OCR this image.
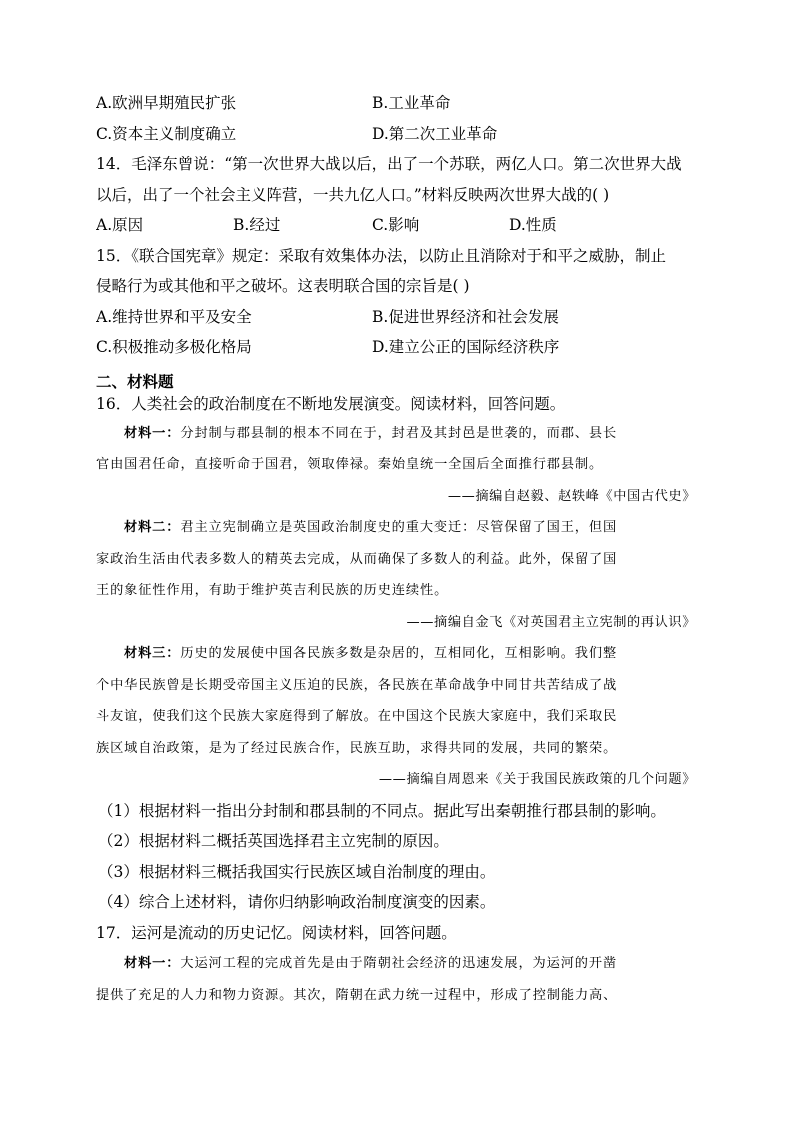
A.欧洲早期殖民扩张	B.工业革命
C.资本主义制度确立	D.第二次工业革命
14．毛泽东曾说：“第一次世界大战以后，出了一个苏联，两亿人口。第二次世界大战
以后，出了一个社会主义阵营，一共九亿人口。”材料反映两次世界大战的( )
A.原因	B.经过	C.影响	D.性质
15．《联合国宪章》规定：采取有效集体办法，以防止且消除对于和平之威胁，制止
侵略行为或其他和平之破坏。这表明联合国的宗旨是( )
A.维持世界和平及安全	B.促进世界经济和社会发展
C.积极推动多极化格局	D.建立公正的国际经济秩序
二、材料题
16．人类社会的政治制度在不断地发展演变。阅读材料，回答问题。
材料一：分封制与郡县制的根本不同在于，封君及其封邑是世袭的，而郡、县长
官由国君任命，直接听命于国君，领取俸禄。秦始皇统一全国后全面推行郡县制。
——摘编自赵毅、赵轶峰《中国古代史》
材料二：君主立宪制确立是英国政治制度史的重大变迁：尽管保留了国王，但国
家政治生活由代表多数人的精英去完成，从而确保了多数人的利益。此外，保留了国
王的象征性作用，有助于维护英吉利民族的历史连续性。
——摘编自金飞《对英国君主立宪制的再认识》
材料三：历史的发展使中国各民族多数是杂居的，互相同化，互相影响。我们整
个中华民族曾是长期受帝国主义压迫的民族，各民族在革命战争中同甘共苦结成了战
斗友谊，使我们这个民族大家庭得到了解放。在中国这个民族大家庭中，我们采取民
族区域自治政策，是为了经过民族合作，民族互助，求得共同的发展，共同的繁荣。
——摘编自周恩来《关于我国民族政策的几个问题》
（1）根据材料一指出分封制和郡县制的不同点。据此写出秦朝推行郡县制的影响。
（2）根据材料二概括英国选择君主立宪制的原因。
（3）根据材料三概括我国实行民族区域自治制度的理由。
（4）综合上述材料，请你归纳影响政治制度演变的因素。
17．运河是流动的历史记忆。阅读材料，回答问题。
材料一：大运河工程的完成首先是由于隋朝社会经济的迅速发展，为运河的开凿
提供了充足的人力和物力资源。其次，隋朝在武力统一过程中，形成了控制能力高、
